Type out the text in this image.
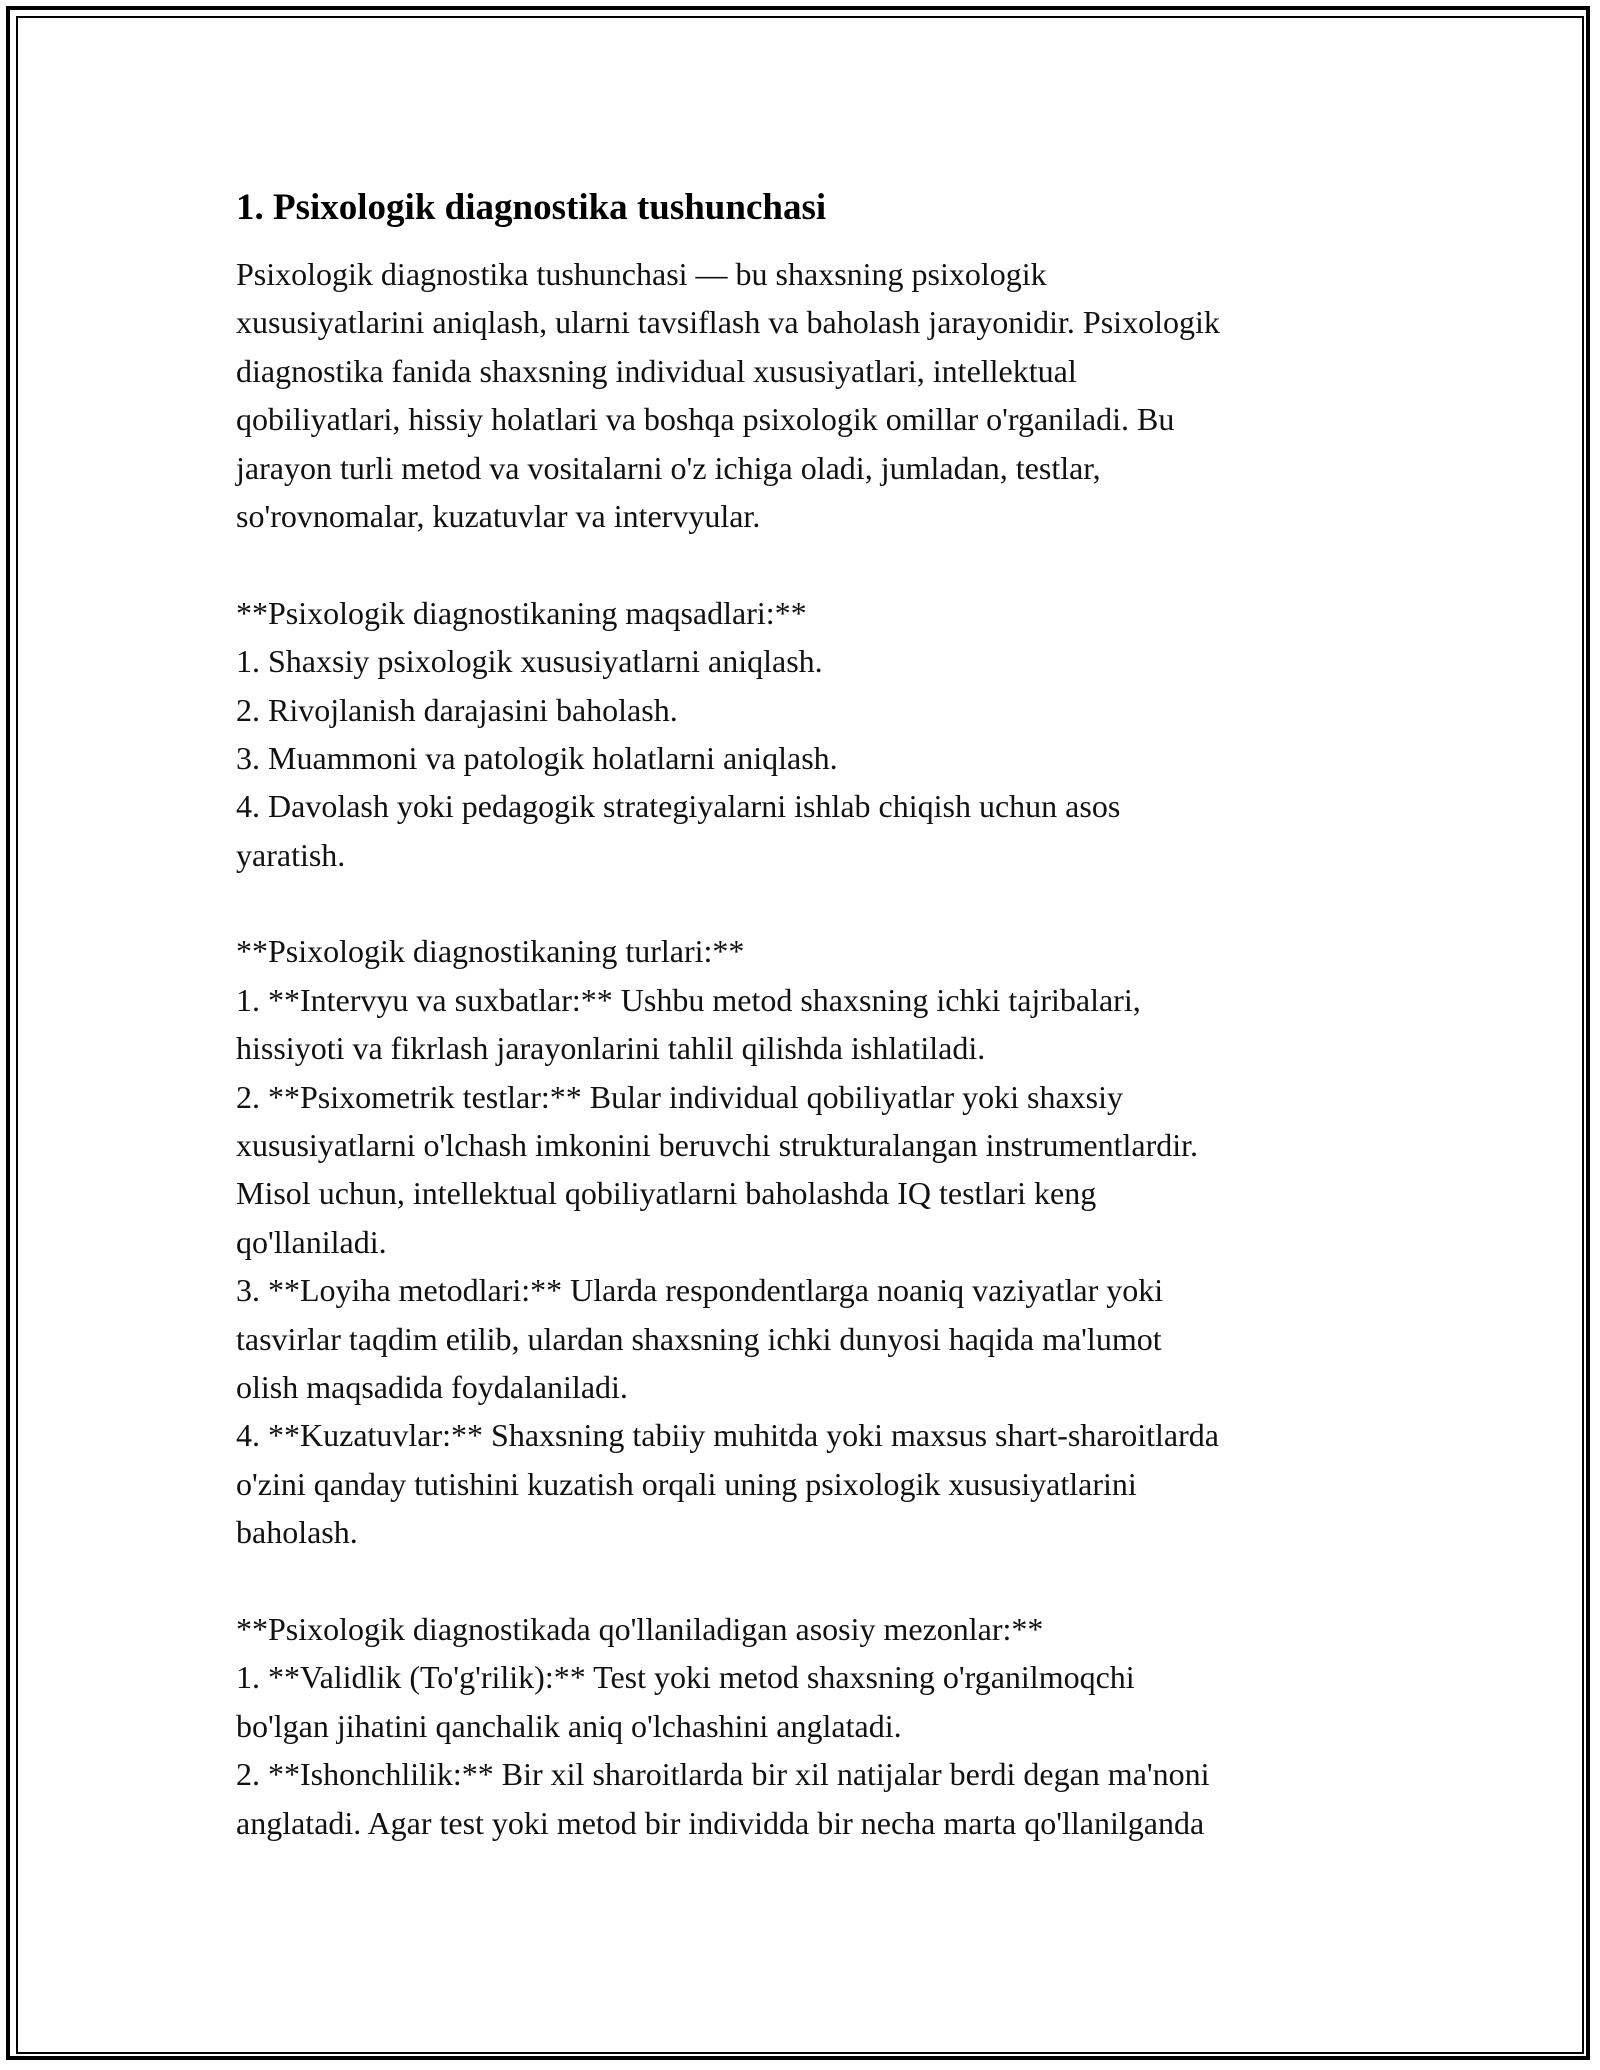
1. Psixologik diagnostika tushunchasi
Psixologik diagnostika tushunchasi — bu shaxsning psixologik
xususiyatlarini aniqlash, ularni tavsiflash va baholash jarayonidir. Psixologik
diagnostika fanida shaxsning individual xususiyatlari, intellektual
qobiliyatlari, hissiy holatlari va boshqa psixologik omillar o'rganiladi. Bu
jarayon turli metod va vositalarni o'z ichiga oladi, jumladan, testlar,
so'rovnomalar, kuzatuvlar va intervyular.
**Psixologik diagnostikaning maqsadlari:**
1. Shaxsiy psixologik xususiyatlarni aniqlash.
2. Rivojlanish darajasini baholash.
3. Muammoni va patologik holatlarni aniqlash.
4. Davolash yoki pedagogik strategiyalarni ishlab chiqish uchun asos
yaratish.
**Psixologik diagnostikaning turlari:**
1. **Intervyu va suxbatlar:** Ushbu metod shaxsning ichki tajribalari,
hissiyoti va fikrlash jarayonlarini tahlil qilishda ishlatiladi.
2. **Psixometrik testlar:** Bular individual qobiliyatlar yoki shaxsiy
xususiyatlarni o'lchash imkonini beruvchi strukturalangan instrumentlardir.
Misol uchun, intellektual qobiliyatlarni baholashda IQ testlari keng
qo'llaniladi.
3. **Loyiha metodlari:** Ularda respondentlarga noaniq vaziyatlar yoki
tasvirlar taqdim etilib, ulardan shaxsning ichki dunyosi haqida ma'lumot
olish maqsadida foydalaniladi.
4. **Kuzatuvlar:** Shaxsning tabiiy muhitda yoki maxsus shart-sharoitlarda
o'zini qanday tutishini kuzatish orqali uning psixologik xususiyatlarini
baholash.
**Psixologik diagnostikada qo'llaniladigan asosiy mezonlar:**
1. **Validlik (To'g'rilik):** Test yoki metod shaxsning o'rganilmoqchi
bo'lgan jihatini qanchalik aniq o'lchashini anglatadi.
2. **Ishonchlilik:** Bir xil sharoitlarda bir xil natijalar berdi degan ma'noni
anglatadi. Agar test yoki metod bir individda bir necha marta qo'llanilganda
